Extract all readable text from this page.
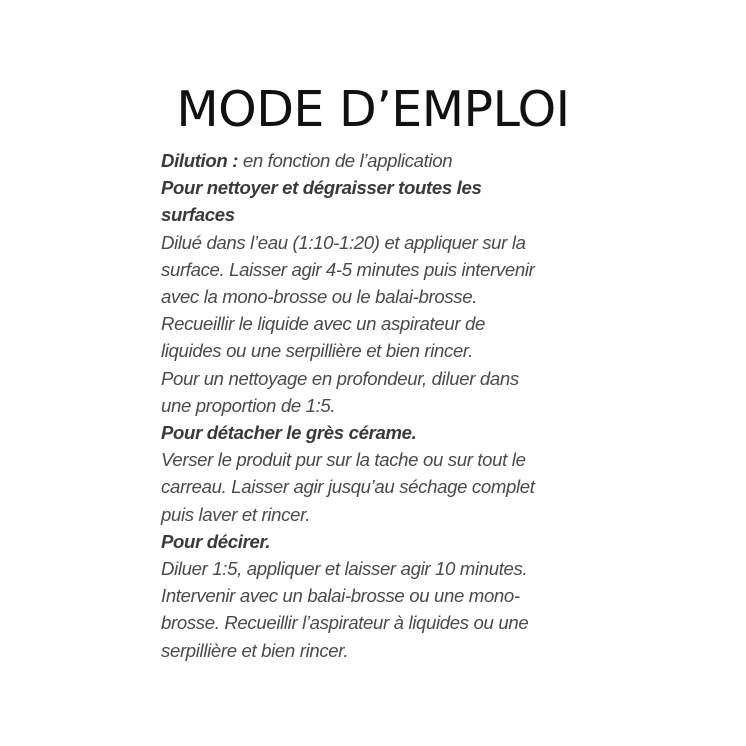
MODE D’EMPLOI

Dilution : en fonction de l’application

Pour nettoyer et dégraisser toutes les surfaces

Dilué dans l’eau (1:10-1:20) et appliquer sur la

surface. Laisser agir 4-5 minutes puis intervenir

avec la mono-brosse ou le balai-brosse.

Recueillir le liquide avec un aspirateur de

liquides ou une serpillière et bien rincer.

Pour un nettoyage en profondeur, diluer dans

une proportion de 1:5.

Pour détacher le grès cérame.

Verser le produit pur sur la tache ou sur tout le

carreau. Laisser agir jusqu’au séchage complet

puis laver et rincer.

Pour décirer.

Diluer 1:5, appliquer et laisser agir 10 minutes.

Intervenir avec un balai-brosse ou une mono-

brosse. Recueillir l’aspirateur à liquides ou une

serpillière et bien rincer.
